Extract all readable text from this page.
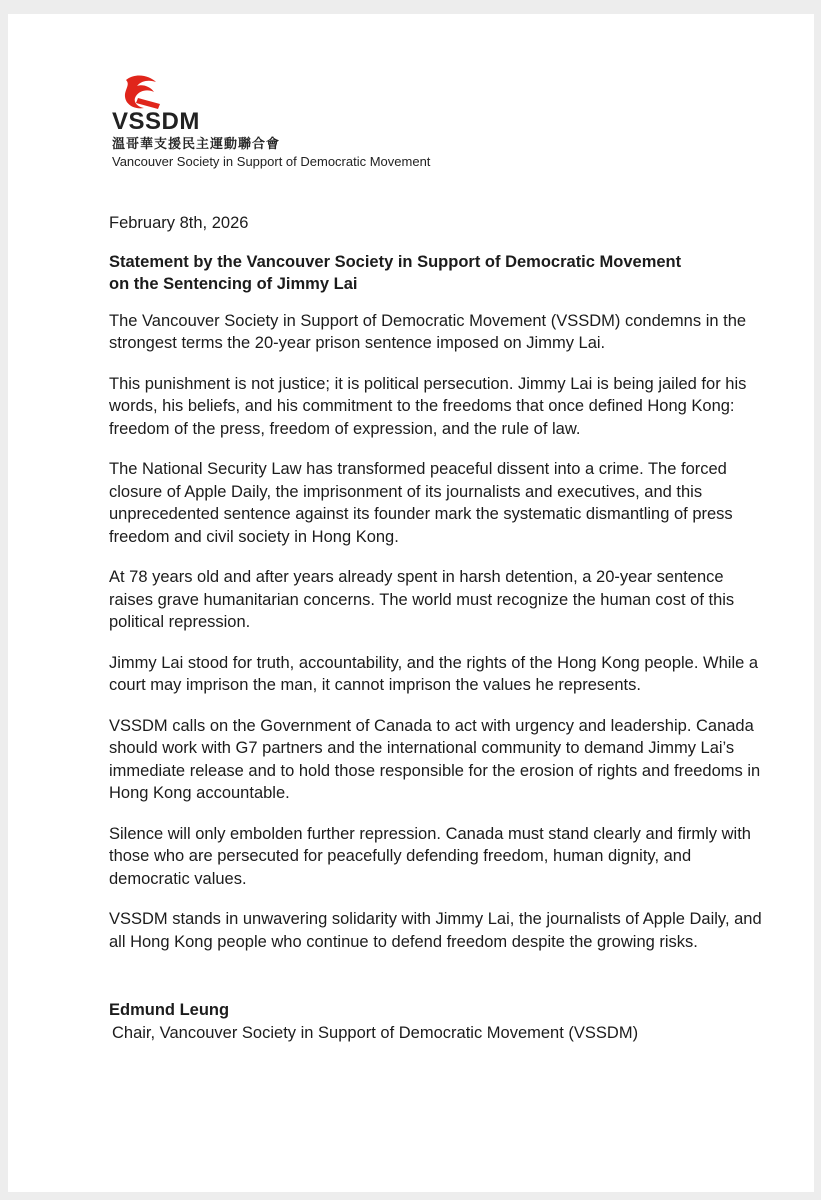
VSSDM
溫哥華支援民主運動聯合會
Vancouver Society in Support of Democratic Movement

February 8th, 2026

Statement by the Vancouver Society in Support of Democratic Movement

on the Sentencing of Jimmy Lai

The Vancouver Society in Support of Democratic Movement (VSSDM) condemns in the strongest terms the 20-year prison sentence imposed on Jimmy Lai.

This punishment is not justice; it is political persecution. Jimmy Lai is being jailed for his words, his beliefs, and his commitment to the freedoms that once defined Hong Kong: freedom of the press, freedom of expression, and the rule of law.

The National Security Law has transformed peaceful dissent into a crime. The forced closure of Apple Daily, the imprisonment of its journalists and executives, and this unprecedented sentence against its founder mark the systematic dismantling of press freedom and civil society in Hong Kong.

At 78 years old and after years already spent in harsh detention, a 20-year sentence raises grave humanitarian concerns. The world must recognize the human cost of this political repression.

Jimmy Lai stood for truth, accountability, and the rights of the Hong Kong people. While a court may imprison the man, it cannot imprison the values he represents.

VSSDM calls on the Government of Canada to act with urgency and leadership. Canada should work with G7 partners and the international community to demand Jimmy Lai’s immediate release and to hold those responsible for the erosion of rights and freedoms in Hong Kong accountable.

Silence will only embolden further repression. Canada must stand clearly and firmly with those who are persecuted for peacefully defending freedom, human dignity, and democratic values.

VSSDM stands in unwavering solidarity with Jimmy Lai, the journalists of Apple Daily, and all Hong Kong people who continue to defend freedom despite the growing risks.

Edmund Leung

Chair, Vancouver Society in Support of Democratic Movement (VSSDM)
